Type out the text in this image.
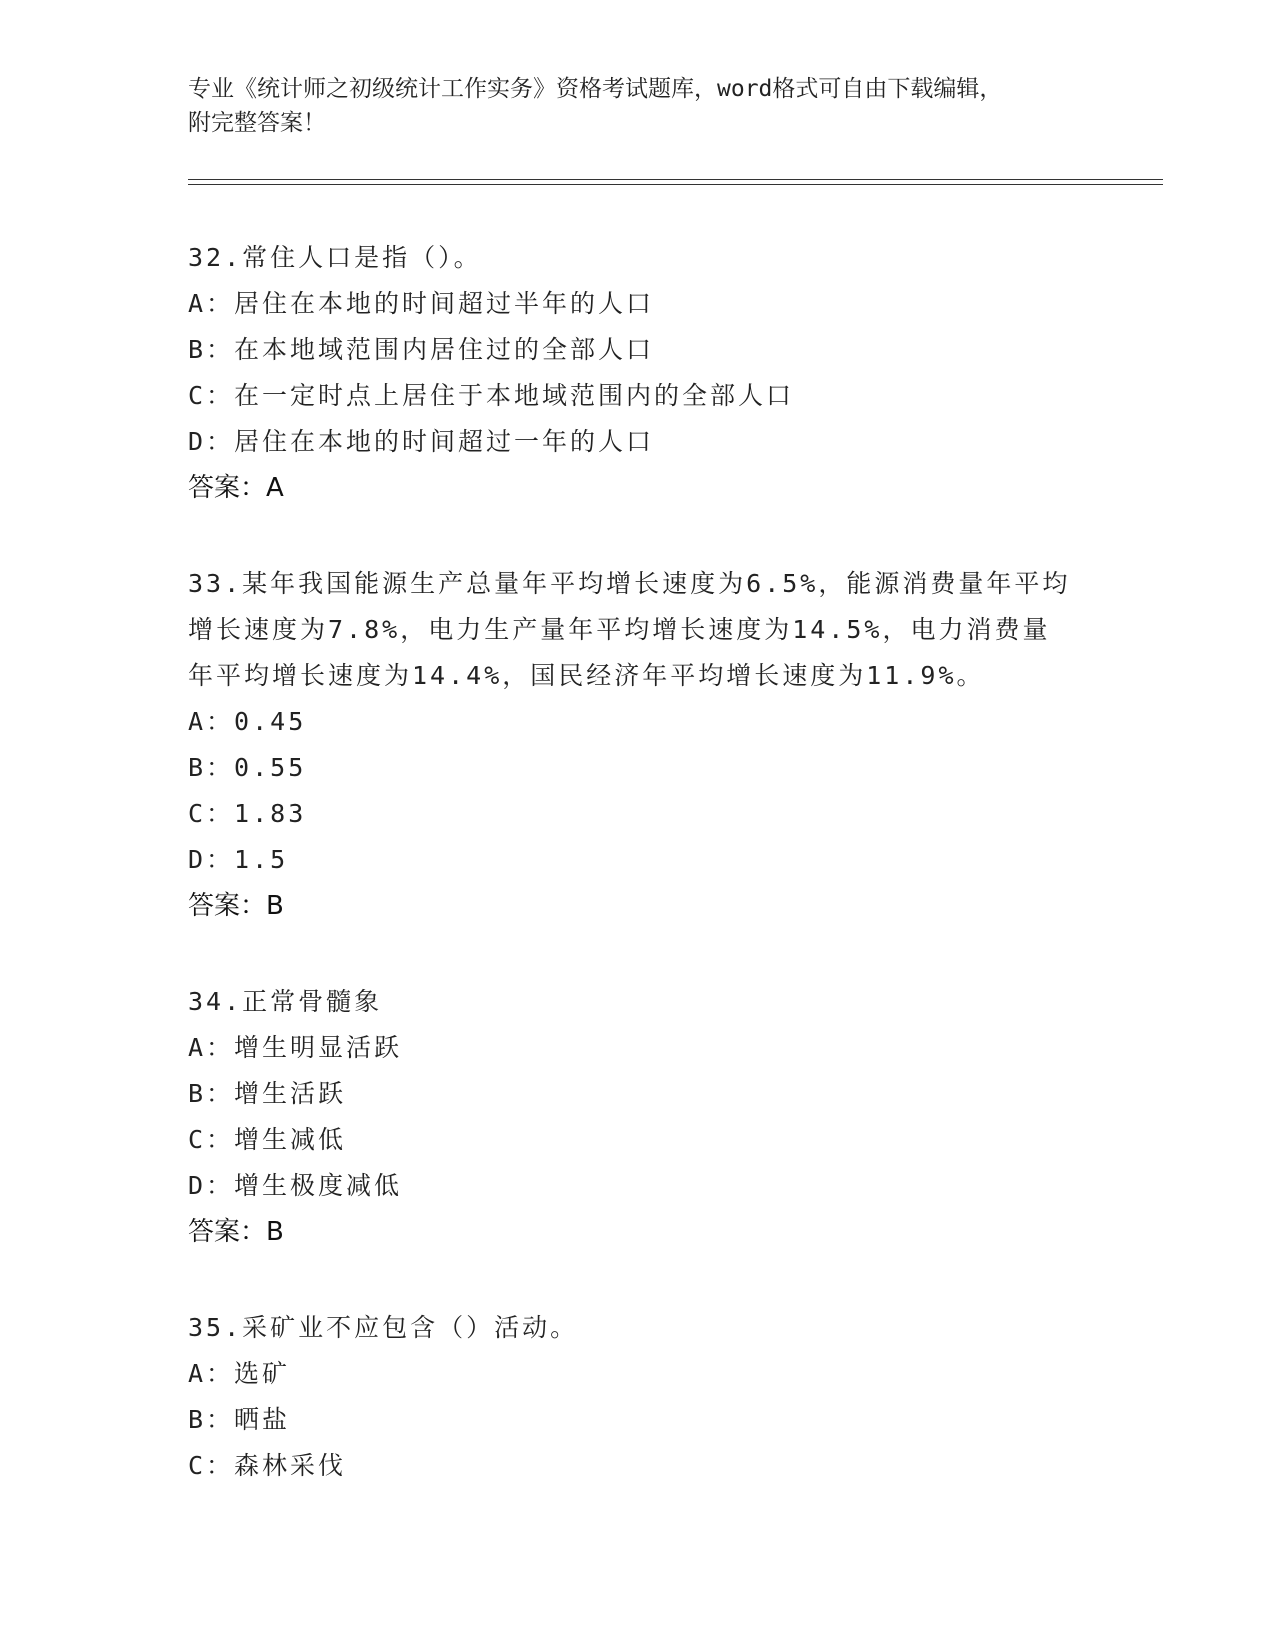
专业《统计师之初级统计工作实务》资格考试题库，word格式可自由下载编辑，
附完整答案！
32.常住人口是指（）。
A：居住在本地的时间超过半年的人口
B：在本地域范围内居住过的全部人口
C：在一定时点上居住于本地域范围内的全部人口
D：居住在本地的时间超过一年的人口
答案：A
33.某年我国能源生产总量年平均增长速度为6.5%，能源消费量年平均
增长速度为7.8%，电力生产量年平均增长速度为14.5%，电力消费量
年平均增长速度为14.4%，国民经济年平均增长速度为11.9%。
A：0.45
B：0.55
C：1.83
D：1.5
答案：B
34.正常骨髓象
A：增生明显活跃
B：增生活跃
C：增生减低
D：增生极度减低
答案：B
35.采矿业不应包含（）活动。
A：选矿
B：晒盐
C：森林采伐
